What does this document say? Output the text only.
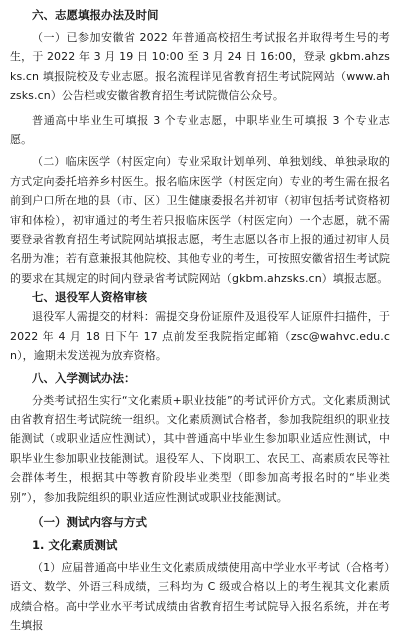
六、志愿填报办法及时间

（一）已参加安徽省 2022 年普通高校招生考试报名并取得考生号的考生，于 2022 年 3 月 19 日 10:00 至 3 月 24 日 16:00，登录 gkbm.ahzsks.cn 填报院校及专业志愿。报名流程详见省教育招生考试院网站（www.ahzsks.cn）公告栏或安徽省教育招生考试院微信公众号。

普通高中毕业生可填报 3 个专业志愿，中职毕业生可填报 3 个专业志愿。

（二）临床医学（村医定向）专业采取计划单列、单独划线、单独录取的方式定向委托培养乡村医生。报名临床医学（村医定向）专业的考生需在报名前到户口所在地的县（市、区）卫生健康委报名并初审（初审包括考试资格初审和体检），初审通过的考生若只报临床医学（村医定向）一个志愿，就不需要登录省教育招生考试院网站填报志愿，考生志愿以各市上报的通过初审人员名册为准；若有意兼报其他院校、其他专业的考生，可按照安徽省招生考试院的要求在其规定的时间内登录省考试院网站（gkbm.ahzsks.cn）填报志愿。

七、退役军人资格审核

退役军人需提交的材料：需提交身份证原件及退役军人证原件扫描件，于 2022 年 4 月 18 日下午 17 点前发至我院指定邮箱（zsc@wahvc.edu.cn），逾期未发送视为放弃资格。

八、入学测试办法：

分类考试招生实行“文化素质+职业技能”的考试评价方式。文化素质测试由省教育招生考试院统一组织。文化素质测试合格者，参加我院组织的职业技能测试（或职业适应性测试），其中普通高中毕业生参加职业适应性测试，中职毕业生参加职业技能测试。退役军人、下岗职工、农民工、高素质农民等社会群体考生，根据其中等教育阶段毕业类型（即参加高考报名时的“毕业类别”），参加我院组织的职业适应性测试或职业技能测试。

（一）测试内容与方式

1. 文化素质测试

（1）应届普通高中毕业生文化素质成绩使用高中学业水平考试（合格考）语文、数学、外语三科成绩，三科均为 C 级或合格以上的考生视其文化素质成绩合格。高中学业水平考试成绩由省教育招生考试院导入报名系统，并在考生填报
